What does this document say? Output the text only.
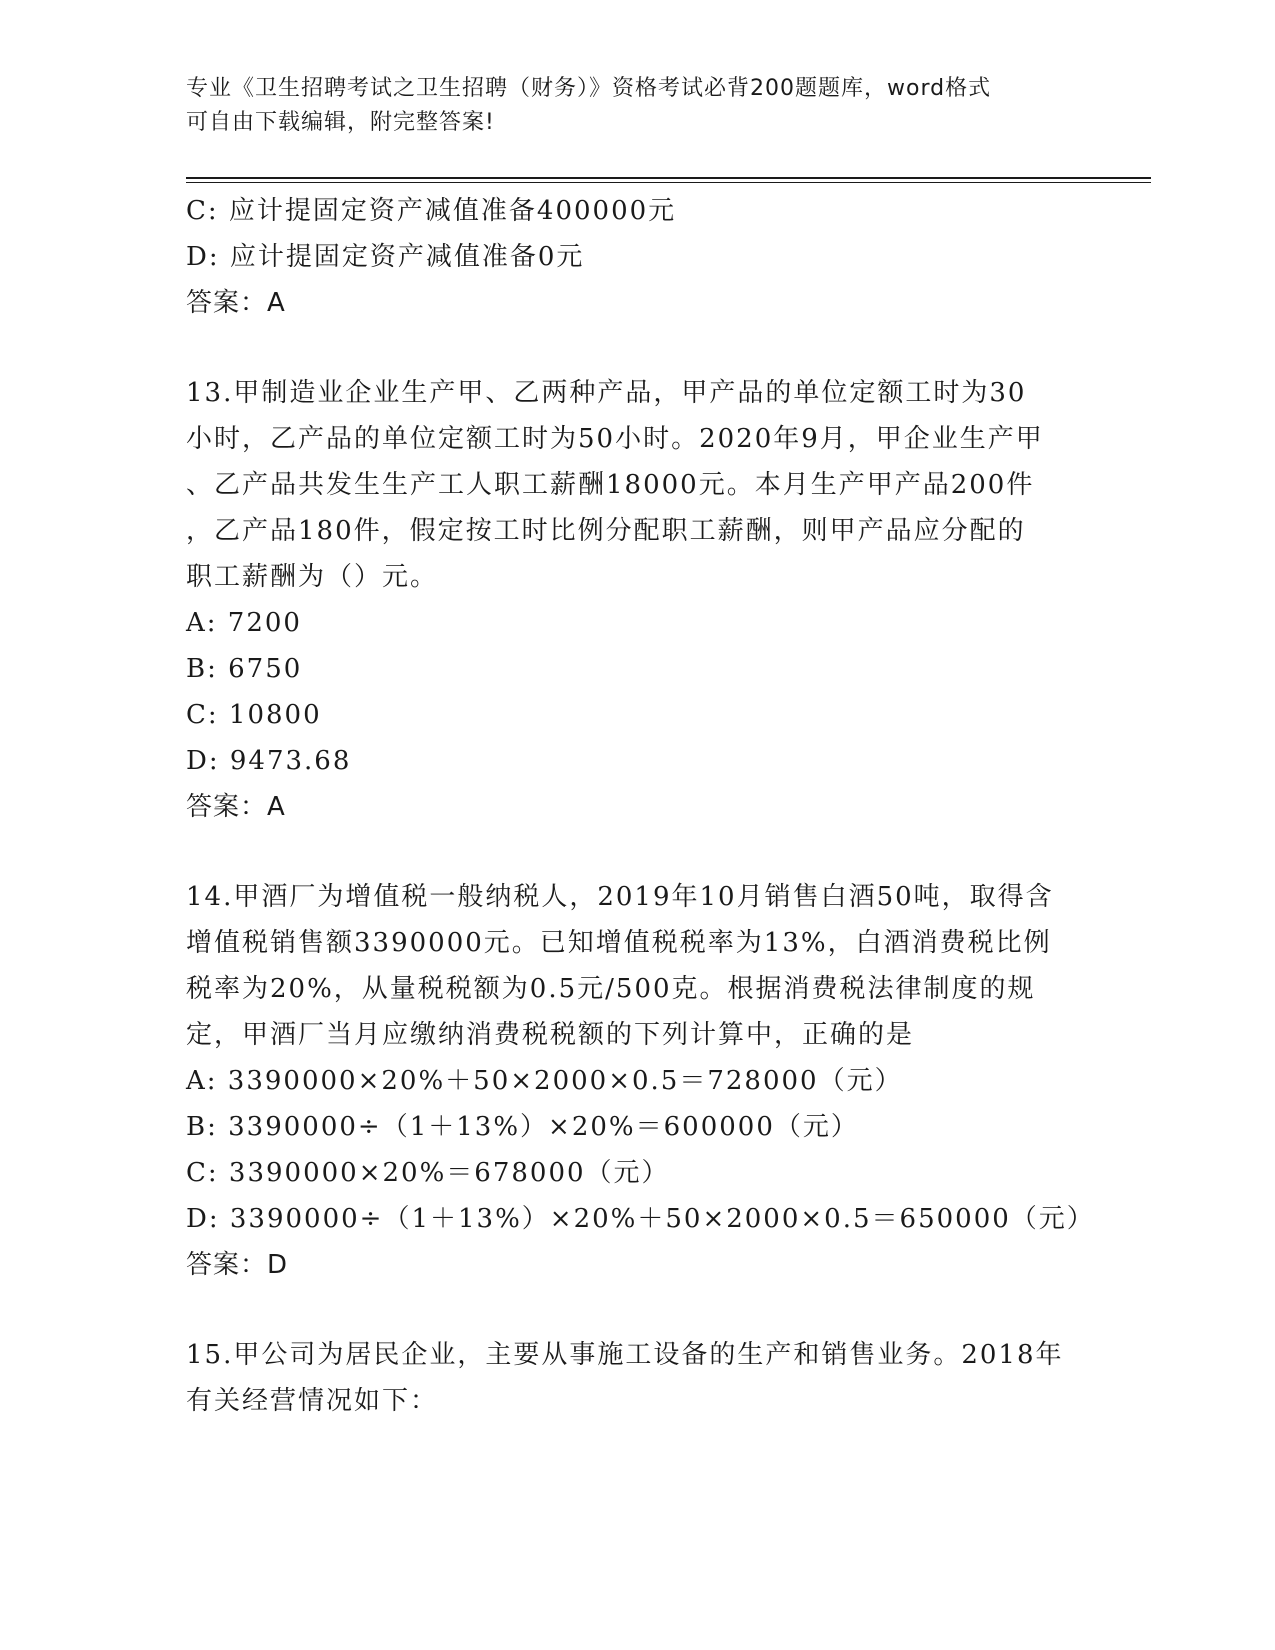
专业《卫生招聘考试之卫生招聘（财务）》资格考试必背200题题库，word格式
可自由下载编辑，附完整答案!
C: 应计提固定资产减值准备400000元
D: 应计提固定资产减值准备0元
答案：A
13.甲制造业企业生产甲、乙两种产品，甲产品的单位定额工时为30
小时，乙产品的单位定额工时为50小时。2020年9月，甲企业生产甲
、乙产品共发生生产工人职工薪酬18000元。本月生产甲产品200件
，乙产品180件，假定按工时比例分配职工薪酬，则甲产品应分配的
职工薪酬为（）元。
A: 7200
B: 6750
C: 10800
D: 9473.68
答案：A
14.甲酒厂为增值税一般纳税人，2019年10月销售白酒50吨，取得含
增值税销售额3390000元。已知增值税税率为13%，白酒消费税比例
税率为20%，从量税税额为0.5元/500克。根据消费税法律制度的规
定，甲酒厂当月应缴纳消费税税额的下列计算中，正确的是
A: 3390000×20%＋50×2000×0.5＝728000（元）
B: 3390000÷（1＋13%）×20%＝600000（元）
C: 3390000×20%＝678000（元）
D: 3390000÷（1＋13%）×20%＋50×2000×0.5＝650000（元）
答案：D
15.甲公司为居民企业，主要从事施工设备的生产和销售业务。2018年
有关经营情况如下：
